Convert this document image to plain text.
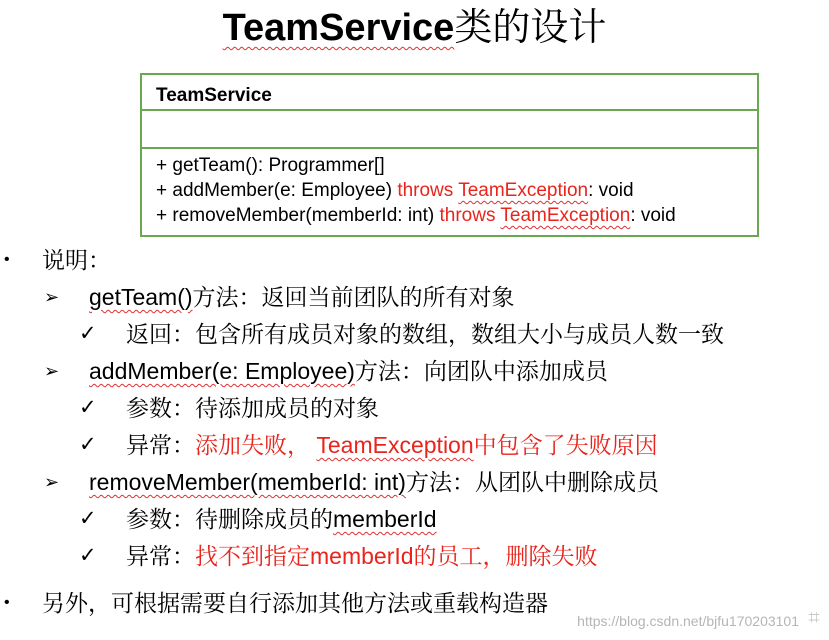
TeamService类的设计
TeamService
+ getTeam(): Programmer[]
+ addMember(e: Employee) throws TeamException: void
+ removeMember(memberId: int) throws TeamException: void
• 说明：
➢ getTeam()方法：返回当前团队的所有对象
✓ 返回：包含所有成员对象的数组，数组大小与成员人数一致
➢ addMember(e: Employee)方法：向团队中添加成员
✓ 参数：待添加成员的对象
✓ 异常：添加失败， TeamException中包含了失败原因
➢ removeMember(memberId: int)方法：从团队中删除成员
✓ 参数：待删除成员的memberId
✓ 异常：找不到指定memberId的员工，删除失败
• 另外，可根据需要自行添加其他方法或重载构造器
https://blog.csdn.net/bjfu170203101 ⌗
